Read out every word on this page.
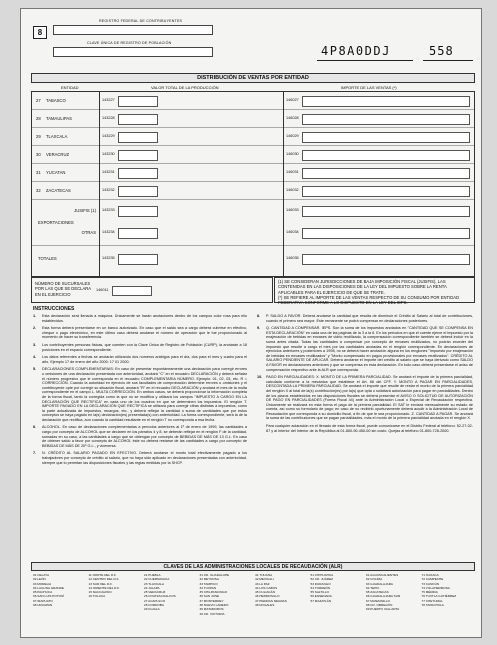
8
REGISTRO FEDERAL DE CONTRIBUYENTES
CLAVE ÚNICA DE REGISTRO DE POBLACIÓN
4P8A0DDJ	558
DISTRIBUCIÓN DE VENTAS POR ENTIDAD
ENTIDAD	VALOR TOTAL DE LA PRODUCCIÓN	IMPORTE DE LAS VENTAS (*)
27 TABASCO	143227	146027
28 TAMAULIPAS	143228	146028
29 TLAXCALA	143229	146029
30 VERACRUZ	143230	146030
31 YUCATAN	143231	146031
32 ZACATECAS	143232	146032
JUSIFIS (1) 143233	146033
EXPORTACIONES
OTRAS 143234	146034
TOTALES	143235	146035
NÚMERO DE SUCURSALES POR LAS QUE SE DECLARA EN EL EJERCICIO
146011
(1) SE CONSIDERAN JURISDICCIONES DE BAJA IMPOSICIÓN FISCAL (JUSIFIS), LAS CONTENIDAS EN LAS DISPOSICIONES DE LA LEY DEL IMPUESTO SOBRE LA RENTA APLICABLES PARA EL EJERCICIO DE QUE SE TRATE.
(*) SE REFIERE AL IMPORTE DE LAS VENTAS RESPECTO DE SU CONSUMO POR ENTIDAD FEDERATIVA CONFORME A LO DISPUESTO EN LA LEY DEL IEPS.
INSTRUCCIONES

1. Esta declaración será llenada a máquina. Únicamente se harán anotaciones dentro de los campos color rosa para ello establecidos.

2. Esta forma deberá presentarse en un banco autorizado. En caso que el saldo sea a cargo deberá cubrirse en efectivo, cheque o pago electrónico, en este último caso deberá anotarse el número de operación que le fue proporcionado al momento de hacer su transferencia.

3. Los contribuyentes personas físicas, que cuenten con la Clave Única de Registro de Población (CURP), la anotarán a 18 posiciones en el espacio correspondiente.

4. Los datos referentes a fechas se anotarán utilizando dos números arábigos para el día, dos para el mes y cuatro para el año. Ejemplo 17 de enero del año 2000: 17 01 2000.

5. DECLARACIONES COMPLEMENTARIAS: En caso de presentar espontáneamente una declaración para corregir errores u omisiones de una declaración presentada con anterioridad, anotará "C" en el recuadro DECLARACIÓN y deberá señalar el número progresivo que le corresponda en el recuadro COMPLEMENTARIA NÚMERO. Ejemplo: 01, 02, 03, etc. R = CORRECCIÓN. Cuando la autoridad en ejercicio de sus facultades de comprobación determine errores u omisiones y el contribuyente opte por corregir su situación fiscal, anotará "R" en el recuadro DECLARACIÓN y anotará el mes de la multa correspondiente en el campo L. MULTA CORRECCIÓN. En ambos casos, se deberá proporcionar la información completa de la forma fiscal, tanto la corregida como la que no se modifica y utilizará los campos "IMPUESTO A CARGO EN LA DECLARACIÓN QUE RECTIFICA" en cada uno de los cuadros en que se determinen los impuestos. El renglón T. IMPORTE PAGADO EN LA DECLARACIÓN QUE RECTIFICA se utilizará para corregir cifras distintas a impuestos, como la parte actualizada de impuestos, recargos, etc., y deberá reflejar la cantidad o suma de cantidades que por estos conceptos se haya pagado en la(s) declaración(es) presentada(s) con anterioridad. La forma correspondiente, será la de la declaración que rectifica, aun cuando la cantidad resultante en el renglón T no corresponda a esa fecha.

6. ALCOHOL. En caso de declaraciones complementarias a períodos anteriores al 1º de enero de 1999, las cantidades a cargo por concepto de ALCOHOL que se declaren en los párrafos 4 y 8, se deberán reflejar en el renglón F de la cantidad, sumadas en su caso, a las cantidades a cargo que se obtengan por concepto de BEBIDAS DE MÁS DE 13 G.L. En caso de obtener saldo a favor por concepto de ALCOHOL éste no deberá restarse de las cantidades a cargo por concepto de BEBIDAS DE MÁS DE 20º G.L., y viceversa.

7. N. CRÉDITO AL SALARIO PAGADO EN EFECTIVO. Deberá anotarse el monto total efectivamente pagado a los trabajadores por concepto de crédito al salario, que no haya sido aplicado en declaraciones presentadas con anterioridad, siempre que lo permitan las disposiciones fiscales y las reglas emitidas por la SHCP.

8. P. SALDO A FAVOR. Deberá anotarse la cantidad que resulta de disminuir el Crédito al Salario al total de contribuciones, cuando el primero sea mayor. Este remanente se podrá compensar en declaraciones posteriores.

9. Q. CANTIDAD A COMPENSAR. IEPS. Son la suma de los impuestos anotados en "CANTIDAD QUE SE COMPENSA EN ESTA DECLARACIÓN" en cada una de las páginas de la 3 a la 6. En los períodos en que el cuente ejerce el impuesto por la enajenación de bebidas en envases de vidrio reutilizado, la compensación correspondiente también se deberá incluir en la suma antes citada. Todas las cantidades a compensar por concepto de envases reutilizados, no podrán exceder del impuesto que resulte a cargo el mes por las cantidades anotadas en el renglón correspondiente. En declaraciones de ejercicios anteriores y posteriores a 1998, no se deberá hacer anotación alguna en los renglones "Impuesto por enajenación de bebidas en envases reutilizados" y "Monto compensado en pagos provisionales por envases reutilizados". CRÉDITO AL SALARIO PENDIENTE DE APLICAR. Deberá anotarse el importe del crédito al salario que se haya derivado como SALDO A FAVOR en declaraciones anteriores y que se compensa en esta declaración. En todo caso deberá presentarse el aviso de compensación respectivo ante la ALR que corresponda.

10. PAGO EN PARCIALIDADES: X. MONTO DE LA PRIMERA PARCIALIDAD. Se anotará el importe de la primera parcialidad, calculada conforme a la mecánica que establece el Art. 66 del CFF. Y. MONTO A PAGAR EN PARCIALIDADES, DESCONTADA LA PRIMERA PARCIALIDAD. Se anotará el importe que resulte de restar el monto de la primera parcialidad del renglón X al total de la(s) contribución(es) por la(s) que opta o solicitará autorización para pagar en parcialidades. Dentro de los plazos establecidos en las disposiciones fiscales se deberá presentar el AVISO O SOLICITUD DE AUTORIZACIÓN DE PAGO EN PARCIALIDADES (Forma Fiscal 44) ante la Administración Local o Especial de Recaudación respectiva. Únicamente se realizará en esta forma el pago de la primera parcialidad. El SAT le enviará mensualmente su estado de cuenta, así como su formulario de pago; en caso de no recibirlo oportunamente deberá acudir a la Administración Local de Recaudación que corresponda a su domicilio fiscal, a fin de que le sea proporcionado. Z. CANTIDAD A PAGAR. Se anotará la suma de las contribuciones que se pagan parcialidades, más el monto de la primera parcialidad anotada en el renglón X.

Para cualquier aclaración en el llenado de esta forma fiscal, puede comunicarse en el Distrito Federal al teléfono: 52-27-02-87 y al Interior del Interior de la República al 01-800-90-450-00 sin costo. Quejas al teléfono 01-800-728-2000.

CLAVES DE LAS ADMINISTRACIONES LOCALES DE RECAUDACIÓN (ALR)
01 CELAYA
02 LEÓN
03 MORELIA
04 LAGUNA GRANDE
05 PACHUCA
06 SAN LUIS POTOSÍ
07 IRAPUATO
08 URUAPAN
11 NORTE DEL D.F.
12 CENTRO DEL D.F.
13 SUR DEL D.F.
14 ORIENTE DEL D.F.
15 NAUCALPAN
16 TOLUCA
21 PUEBLA
22 CUERNAVACA
23 TLAXCALA
24 JALAPA
25 VERACRUZ
26 COATZACOALCOS
27 ACAPULCO
28 CORDOBA
29 IGUALA
31 CD. GUADALUPE
32 REYNOSA
33 TAMPICO
34 TUXPAN
35 CHILPANCINGO
36 SAN JOSE
37 MONTERREY
38 NUEVO LAREDO
39 MATAMOROS
40 CD. VICTORIA
41 TIJUANA
42 MEXICALI
43 LA PAZ
44 LOS CABOS
45 CULIACÁN
46 HERMOSILLO
47 PIEDRAS NEGRAS
48 NOGALES
51 CHIHUAHUA
52 CD. JUÁREZ
53 DURANGO
54 TORREÓN
55 SALTILLO
56 ENSENADA
57 MAZATLÁN
61 AGUASCALIENTES
62 COLIMA
63 GUADALAJARA
64 TEPIC
65 ZACATECAS
66 GUADALAJARA SUR
67 MANZANILLO
68 CD. OBREGÓN
69 PUERTO VALLARTA
71 OAXACA
72 CAMPECHE
73 CANCÚN
74 VILLAHERMOSA
75 MÉRIDA
76 TUXTLA GUTIÉRREZ
77 CHETUMAL
78 TAPACHULA
